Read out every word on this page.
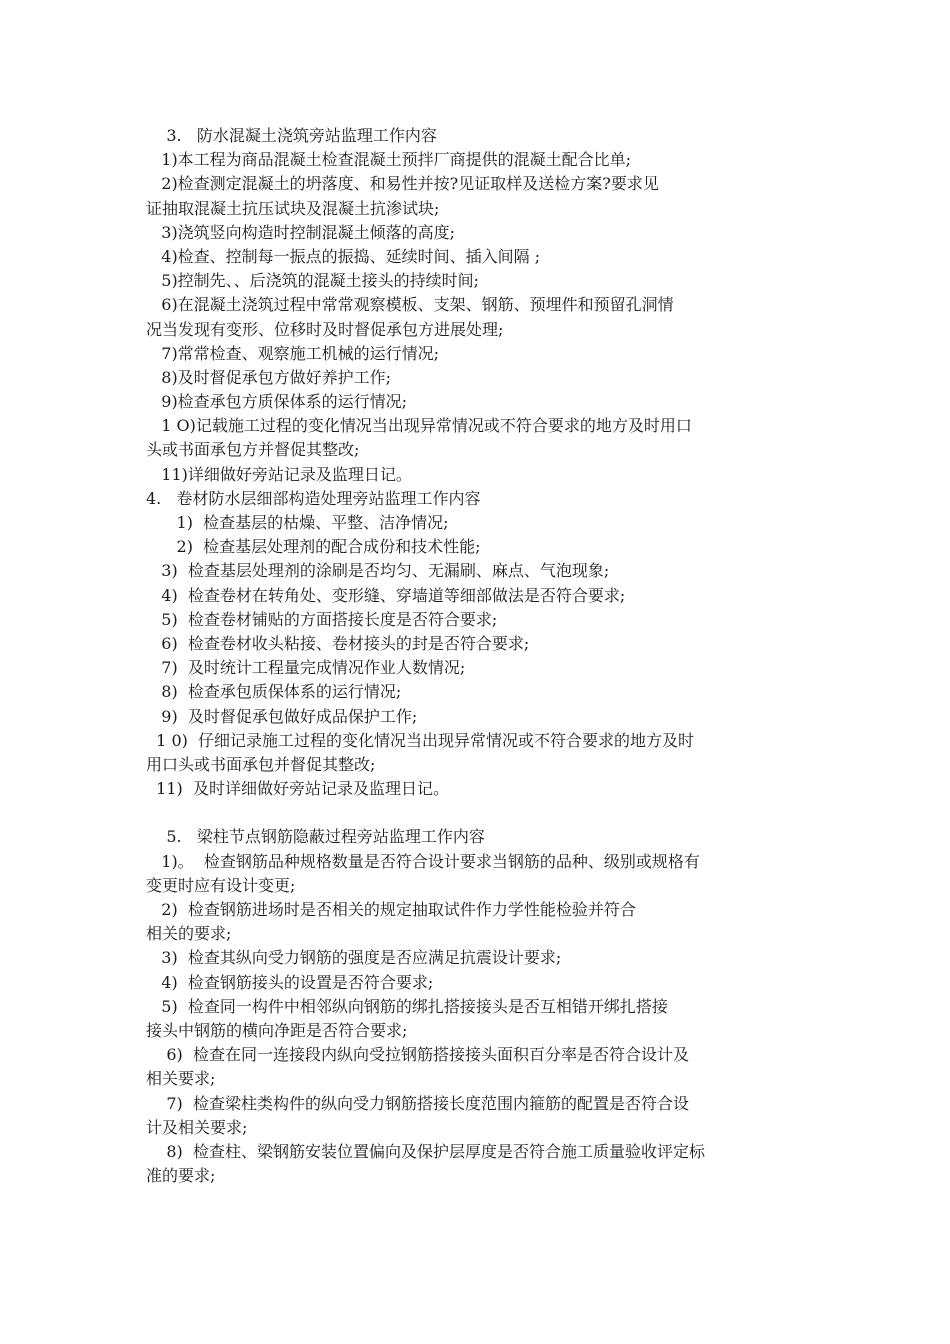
3.   防水混凝土浇筑旁站监理工作内容
1)本工程为商品混凝土检查混凝土预拌厂商提供的混凝土配合比单;
2)检查测定混凝土的坍落度、和易性并按?见证取样及送检方案?要求见
证抽取混凝土抗压试块及混凝土抗渗试块;
3)浇筑竖向构造时控制混凝土倾落的高度;
4)检查、控制每一振点的振捣、延续时间、插入间隔 ;
5)控制先、、后浇筑的混凝土接头的持续时间;
6)在混凝土浇筑过程中常常观察模板、支架、钢筋、预埋件和预留孔洞情
况当发现有变形、位移时及时督促承包方进展处理;
7)常常检查、观察施工机械的运行情况;
8)及时督促承包方做好养护工作;
9)检查承包方质保体系的运行情况;
1 O)记载施工过程的变化情况当出现异常情况或不符合要求的地方及时用口
头或书面承包方并督促其整改;
11)详细做好旁站记录及监理日记。
4.   卷材防水层细部构造处理旁站监理工作内容
1)  检查基层的枯燥、平整、洁净情况;
2)  检查基层处理剂的配合成份和技术性能;
3)  检查基层处理剂的涂刷是否均匀、无漏刷、麻点、气泡现象;
4)  检查卷材在转角处、变形缝、穿墙道等细部做法是否符合要求;
5)  检查卷材铺贴的方面搭接长度是否符合要求;
6)  检查卷材收头粘接、卷材接头的封是否符合要求;
7)  及时统计工程量完成情况作业人数情况;
8)  检查承包质保体系的运行情况;
9)  及时督促承包做好成品保护工作;
1 0)  仔细记录施工过程的变化情况当出现异常情况或不符合要求的地方及时
用口头或书面承包并督促其整改;
11)  及时详细做好旁站记录及监理日记。
5.   梁柱节点钢筋隐蔽过程旁站监理工作内容
1)。  检查钢筋品种规格数量是否符合设计要求当钢筋的品种、级别或规格有
变更时应有设计变更;
2)  检查钢筋进场时是否相关的规定抽取试件作力学性能检验并符合
相关的要求;
3)  检查其纵向受力钢筋的强度是否应满足抗震设计要求;
4)  检查钢筋接头的设置是否符合要求;
5)  检查同一构件中相邻纵向钢筋的绑扎搭接接头是否互相错开绑扎搭接
接头中钢筋的横向净距是否符合要求;
6)  检查在同一连接段内纵向受拉钢筋搭接接头面积百分率是否符合设计及
相关要求;
7)  检查梁柱类构件的纵向受力钢筋搭接长度范围内箍筋的配置是否符合设
计及相关要求;
8)  检查柱、梁钢筋安装位置偏向及保护层厚度是否符合施工质量验收评定标
准的要求;
